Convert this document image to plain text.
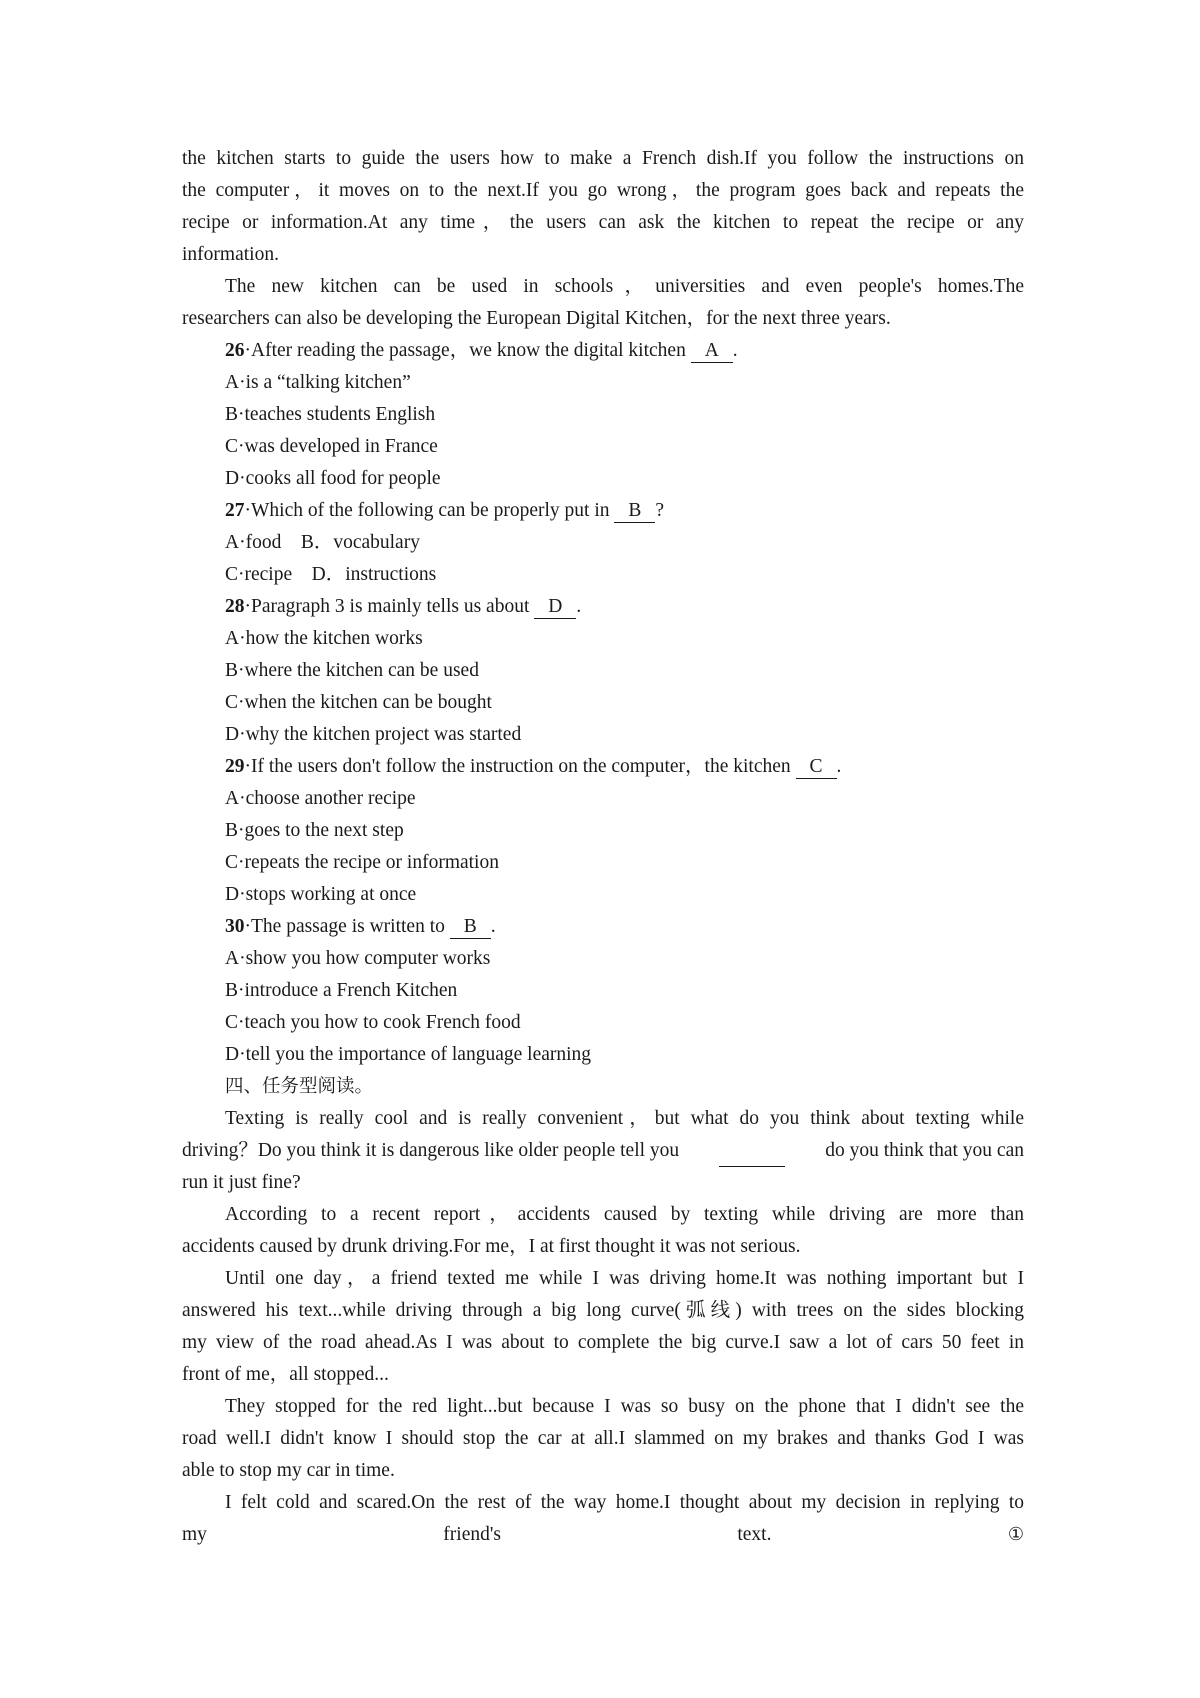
the kitchen starts to guide the users how to make a French dish.If you follow the instructions on
the computer，it moves on to the next.If you go wrong，the program goes back and repeats the
recipe or information.At any time，the users can ask the kitchen to repeat the recipe or any
information.
The new kitchen can be used in schools，universities and even people's homes.The
researchers can also be developing the European Digital Kitchen，for the next three years.
26·After reading the passage，we know the digital kitchen A .
A·is a “talking kitchen”
B·teaches students English
C·was developed in France
D·cooks all food for people
27·Which of the following can be properly put in B ?
A·food　B．vocabulary
C·recipe　D．instructions
28·Paragraph 3 is mainly tells us about D .
A·how the kitchen works
B·where the kitchen can be used
C·when the kitchen can be bought
D·why the kitchen project was started
29·If the users don't follow the instruction on the computer，the kitchen C .
A·choose another recipe
B·goes to the next step
C·repeats the recipe or information
D·stops working at once
30·The passage is written to B .
A·show you how computer works
B·introduce a French Kitchen
C·teach you how to cook French food
D·tell you the importance of language learning
四、任务型阅读。
Texting is really cool and is really convenient，but what do you think about texting while
driving？Do you think it is dangerous like older people tell you
	do you think that you can
run it just fine?
According to a recent report，accidents caused by texting while driving are more than
accidents caused by drunk driving.For me，I at first thought it was not serious.
Until one day，a friend texted me while I was driving home.It was nothing important but I
answered his text...while driving through a big long curve(弧线) with trees on the sides blocking
my view of the road ahead.As I was about to complete the big curve.I saw a lot of cars 50 feet in
front of me，all stopped...
They stopped for the red light...but because I was so busy on the phone that I didn't see the
road well.I didn't know I should stop the car at all.I slammed on my brakes and thanks God I was
able to stop my car in time.
I felt cold and scared.On the rest of the way home.I thought about my decision in replying to
my	friend's	text.	①
